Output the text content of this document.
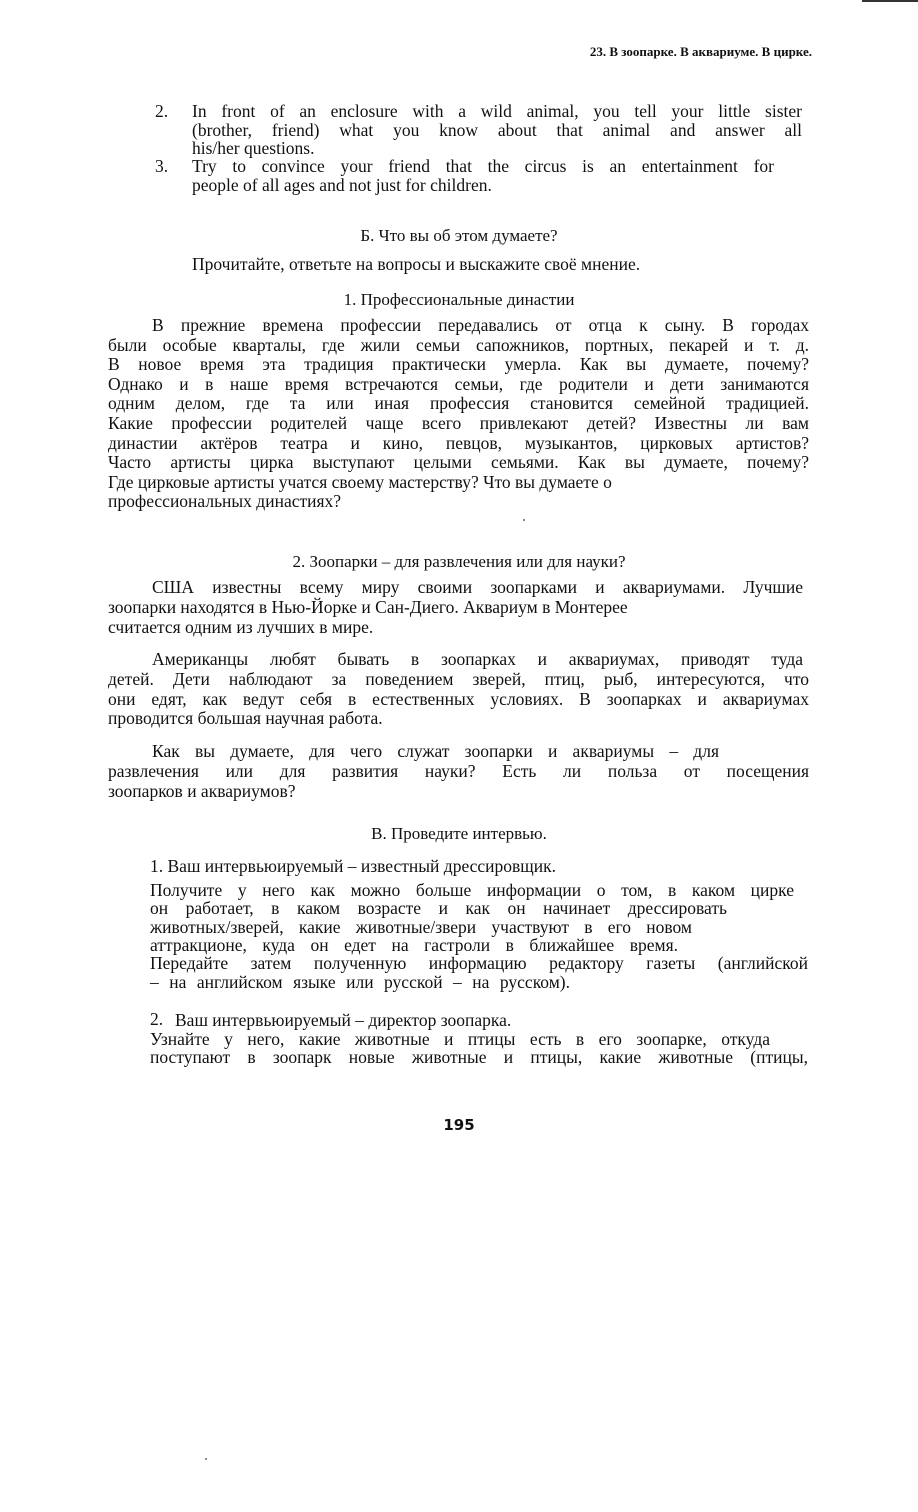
23. В зоопарке. В аквариуме. В цирке.
2. In front of an enclosure with a wild animal, you tell your little sister
(brother, friend) what you know about that animal and answer all
his/her questions.
3. Try to convince your friend that the circus is an entertainment for
people of all ages and not just for children.
Б. Что вы об этом думаете?
Прочитайте, ответьте на вопросы и выскажите своё мнение.
1. Профессиональные династии
В прежние времена профессии передавались от отца к сыну. В городах
были особые кварталы, где жили семьи сапожников, портных, пекарей и т. д.
В новое время эта традиция практически умерла. Как вы думаете, почему?
Однако и в наше время встречаются семьи, где родители и дети занимаются
одним делом, где та или иная профессия становится семейной традицией.
Какие профессии родителей чаще всего привлекают детей? Известны ли вам
династии актёров театра и кино, певцов, музыкантов, цирковых артистов?
Часто артисты цирка выступают целыми семьями. Как вы думаете, почему?
Где цирковые артисты учатся своему мастерству? Что вы думаете о
профессиональных династиях?
2. Зоопарки – для развлечения или для науки?
США известны всему миру своими зоопарками и аквариумами. Лучшие
зоопарки находятся в Нью-Йорке и Сан-Диего. Аквариум в Монтерее
считается одним из лучших в мире.
Американцы любят бывать в зоопарках и аквариумах, приводят туда
детей. Дети наблюдают за поведением зверей, птиц, рыб, интересуются, что
они едят, как ведут себя в естественных условиях. В зоопарках и аквариумах
проводится большая научная работа.
Как вы думаете, для чего служат зоопарки и аквариумы – для
развлечения или для развития науки? Есть ли польза от посещения
зоопарков и аквариумов?
В. Проведите интервью.
1. Ваш интервьюируемый – известный дрессировщик.
Получите у него как можно больше информации о том, в каком цирке
он работает, в каком возрасте и как он начинает дрессировать
животных/зверей, какие животные/звери участвуют в его новом
аттракционе, куда он едет на гастроли в ближайшее время.
Передайте затем полученную информацию редактору газеты (английской
– на английском языке или русской – на русском).
2. Ваш интервьюируемый – директор зоопарка.
Узнайте у него, какие животные и птицы есть в его зоопарке, откуда
поступают в зоопарк новые животные и птицы, какие животные (птицы,
195
